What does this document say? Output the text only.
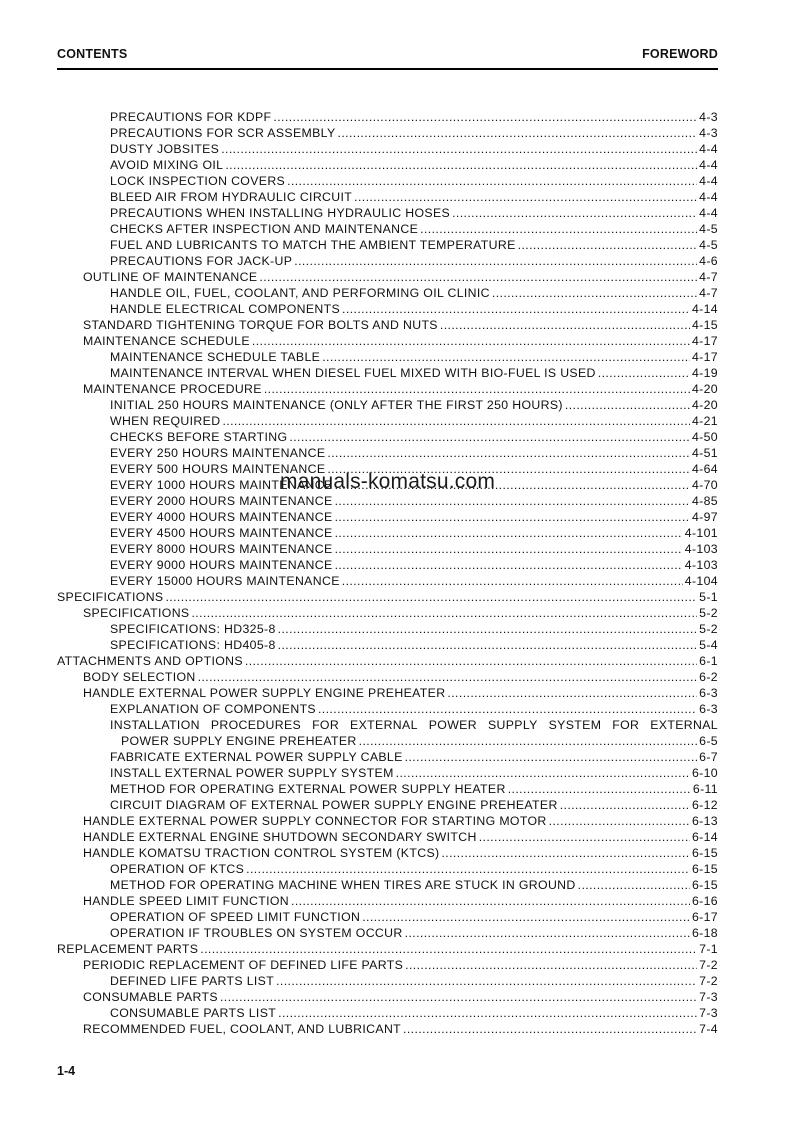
CONTENTS	FOREWORD
PRECAUTIONS FOR KDPF .....	4-3
PRECAUTIONS FOR SCR ASSEMBLY .....	4-3
DUSTY JOBSITES .....	4-4
AVOID MIXING OIL .....	4-4
LOCK INSPECTION COVERS .....	4-4
BLEED AIR FROM HYDRAULIC CIRCUIT .....	4-4
PRECAUTIONS WHEN INSTALLING HYDRAULIC HOSES .....	4-4
CHECKS AFTER INSPECTION AND MAINTENANCE .....	4-5
FUEL AND LUBRICANTS TO MATCH THE AMBIENT TEMPERATURE .....	4-5
PRECAUTIONS FOR JACK-UP .....	4-6
OUTLINE OF MAINTENANCE .....	4-7
HANDLE OIL, FUEL, COOLANT, AND PERFORMING OIL CLINIC .....	4-7
HANDLE ELECTRICAL COMPONENTS .....	4-14
STANDARD TIGHTENING TORQUE FOR BOLTS AND NUTS .....	4-15
MAINTENANCE SCHEDULE .....	4-17
MAINTENANCE SCHEDULE TABLE .....	4-17
MAINTENANCE INTERVAL WHEN DIESEL FUEL MIXED WITH BIO-FUEL IS USED .....	4-19
MAINTENANCE PROCEDURE .....	4-20
INITIAL 250 HOURS MAINTENANCE (ONLY AFTER THE FIRST 250 HOURS) .....	4-20
WHEN REQUIRED .....	4-21
CHECKS BEFORE STARTING .....	4-50
EVERY 250 HOURS MAINTENANCE .....	4-51
EVERY 500 HOURS MAINTENANCE .....	4-64
EVERY 1000 HOURS MAINTENANCE .....	4-70
EVERY 2000 HOURS MAINTENANCE .....	4-85
EVERY 4000 HOURS MAINTENANCE .....	4-97
EVERY 4500 HOURS MAINTENANCE .....	4-101
EVERY 8000 HOURS MAINTENANCE .....	4-103
EVERY 9000 HOURS MAINTENANCE .....	4-103
EVERY 15000 HOURS MAINTENANCE .....	4-104
SPECIFICATIONS .....	5-1
SPECIFICATIONS .....	5-2
SPECIFICATIONS: HD325-8 .....	5-2
SPECIFICATIONS: HD405-8 .....	5-4
ATTACHMENTS AND OPTIONS .....	6-1
BODY SELECTION .....	6-2
HANDLE EXTERNAL POWER SUPPLY ENGINE PREHEATER .....	6-3
EXPLANATION OF COMPONENTS .....	6-3
INSTALLATION PROCEDURES FOR EXTERNAL POWER SUPPLY SYSTEM FOR EXTERNAL
POWER SUPPLY ENGINE PREHEATER .....	6-5
FABRICATE EXTERNAL POWER SUPPLY CABLE .....	6-7
INSTALL EXTERNAL POWER SUPPLY SYSTEM .....	6-10
METHOD FOR OPERATING EXTERNAL POWER SUPPLY HEATER .....	6-11
CIRCUIT DIAGRAM OF EXTERNAL POWER SUPPLY ENGINE PREHEATER .....	6-12
HANDLE EXTERNAL POWER SUPPLY CONNECTOR FOR STARTING MOTOR .....	6-13
HANDLE EXTERNAL ENGINE SHUTDOWN SECONDARY SWITCH .....	6-14
HANDLE KOMATSU TRACTION CONTROL SYSTEM (KTCS) .....	6-15
OPERATION OF KTCS .....	6-15
METHOD FOR OPERATING MACHINE WHEN TIRES ARE STUCK IN GROUND .....	6-15
HANDLE SPEED LIMIT FUNCTION .....	6-16
OPERATION OF SPEED LIMIT FUNCTION .....	6-17
OPERATION IF TROUBLES ON SYSTEM OCCUR .....	6-18
REPLACEMENT PARTS .....	7-1
PERIODIC REPLACEMENT OF DEFINED LIFE PARTS .....	7-2
DEFINED LIFE PARTS LIST .....	7-2
CONSUMABLE PARTS .....	7-3
CONSUMABLE PARTS LIST .....	7-3
RECOMMENDED FUEL, COOLANT, AND LUBRICANT .....	7-4
manuals-komatsu.com
1-4
